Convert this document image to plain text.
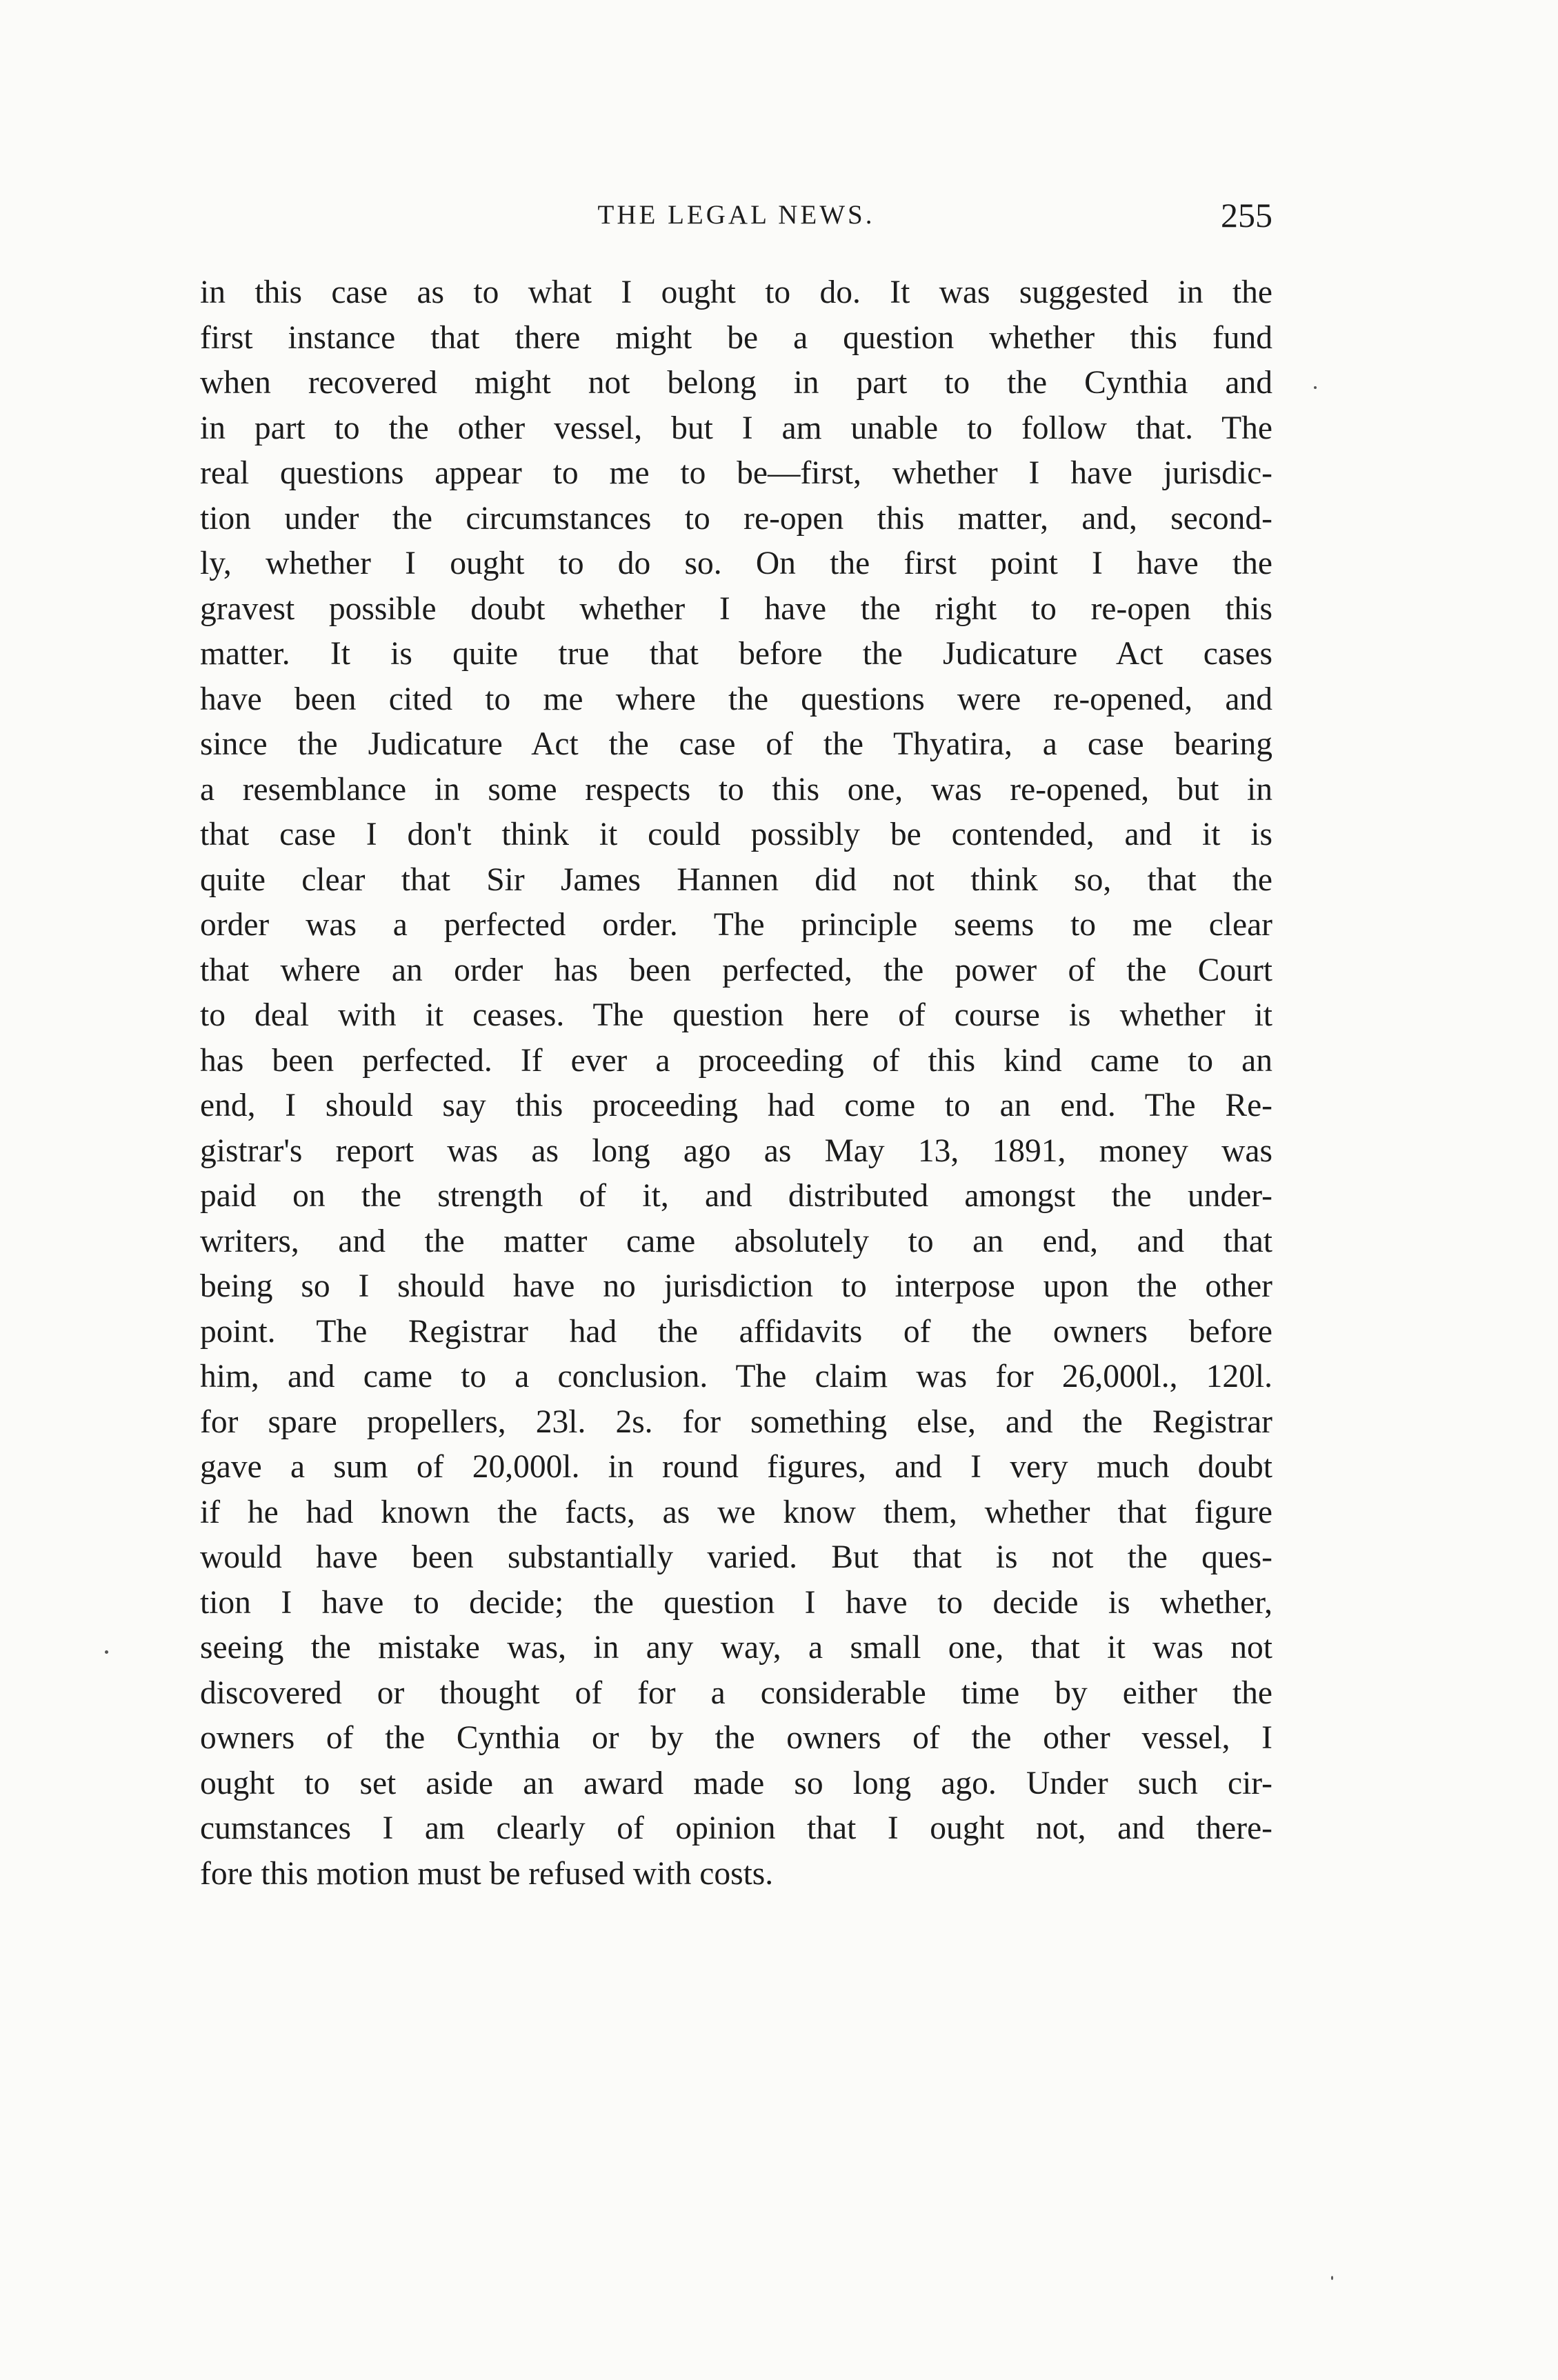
THE LEGAL NEWS.	255
in this case as to what I ought to do. It was suggested in the
first instance that there might be a question whether this fund
when recovered might not belong in part to the Cynthia and
in part to the other vessel, but I am unable to follow that. The
real questions appear to me to be—first, whether I have jurisdic-
tion under the circumstances to re-open this matter, and, second-
ly, whether I ought to do so. On the first point I have the
gravest possible doubt whether I have the right to re-open this
matter. It is quite true that before the Judicature Act cases
have been cited to me where the questions were re-opened, and
since the Judicature Act the case of the Thyatira, a case bearing
a resemblance in some respects to this one, was re-opened, but in
that case I don't think it could possibly be contended, and it is
quite clear that Sir James Hannen did not think so, that the
order was a perfected order. The principle seems to me clear
that where an order has been perfected, the power of the Court
to deal with it ceases. The question here of course is whether it
has been perfected. If ever a proceeding of this kind came to an
end, I should say this proceeding had come to an end. The Re-
gistrar's report was as long ago as May 13, 1891, money was
paid on the strength of it, and distributed amongst the under-
writers, and the matter came absolutely to an end, and that
being so I should have no jurisdiction to interpose upon the other
point. The Registrar had the affidavits of the owners before
him, and came to a conclusion. The claim was for 26,000l., 120l.
for spare propellers, 23l. 2s. for something else, and the Registrar
gave a sum of 20,000l. in round figures, and I very much doubt
if he had known the facts, as we know them, whether that figure
would have been substantially varied. But that is not the ques-
tion I have to decide; the question I have to decide is whether,
seeing the mistake was, in any way, a small one, that it was not
discovered or thought of for a considerable time by either the
owners of the Cynthia or by the owners of the other vessel, I
ought to set aside an award made so long ago. Under such cir-
cumstances I am clearly of opinion that I ought not, and there-
fore this motion must be refused with costs.
